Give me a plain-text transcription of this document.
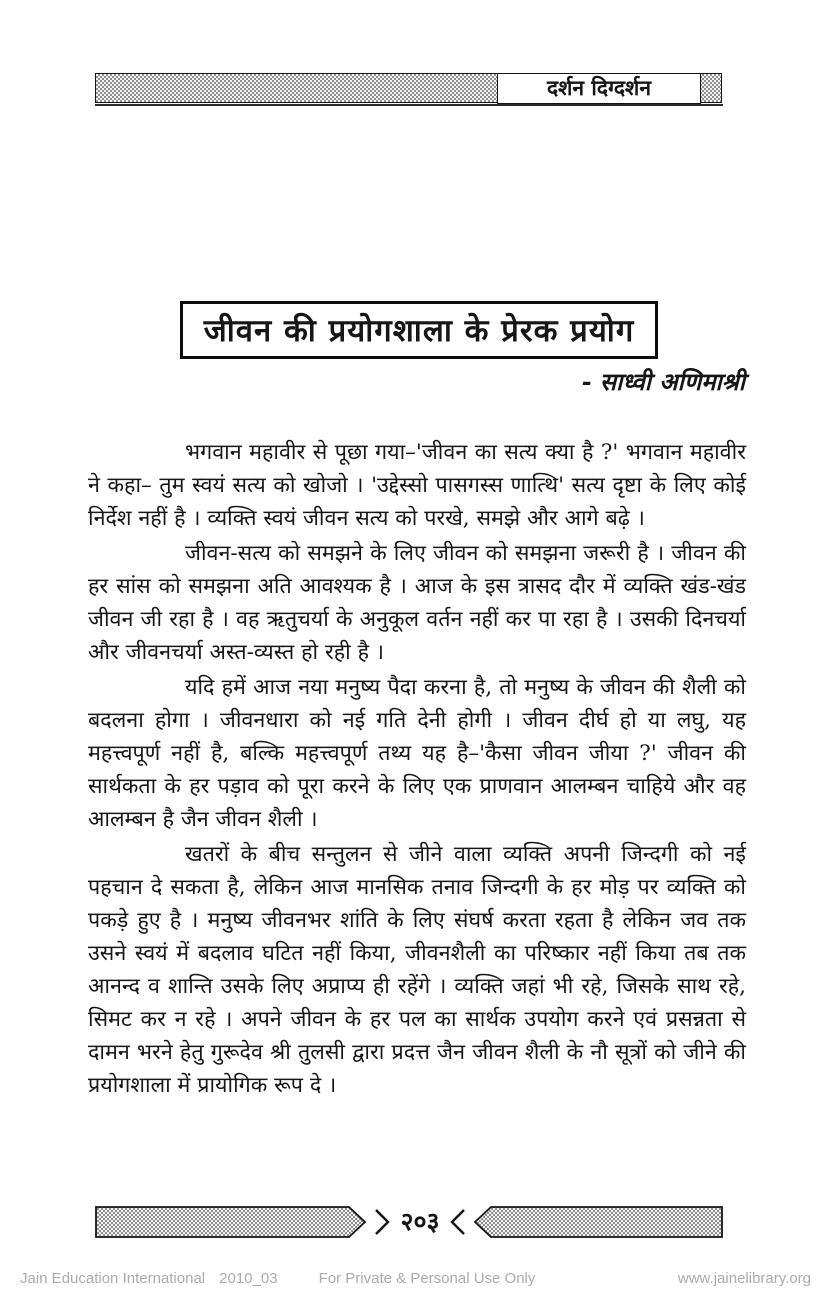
दर्शन दिग्दर्शन
जीवन की प्रयोगशाला के प्रेरक प्रयोग
- साध्वी अणिमाश्री

भगवान महावीर से पूछा गया–'जीवन का सत्य क्या है ?' भगवान महावीर ने कहा– तुम स्वयं सत्य को खोजो । 'उद्देस्सो पासगस्स णात्थि' सत्य दृष्टा के लिए कोई निर्देश नहीं है । व्यक्ति स्वयं जीवन सत्य को परखे, समझे और आगे बढ़े ।

जीवन-सत्य को समझने के लिए जीवन को समझना जरूरी है । जीवन की हर सांस को समझना अति आवश्यक है । आज के इस त्रासद दौर में व्यक्ति खंड-खंड जीवन जी रहा है । वह ऋतुचर्या के अनुकूल वर्तन नहीं कर पा रहा है । उसकी दिनचर्या और जीवनचर्या अस्त-व्यस्त हो रही है ।

यदि हमें आज नया मनुष्य पैदा करना है, तो मनुष्य के जीवन की शैली को बदलना होगा । जीवनधारा को नई गति देनी होगी । जीवन दीर्घ हो या लघु, यह महत्त्वपूर्ण नहीं है, बल्कि महत्त्वपूर्ण तथ्य यह है–'कैसा जीवन जीया ?' जीवन की सार्थकता के हर पड़ाव को पूरा करने के लिए एक प्राणवान आलम्बन चाहिये और वह आलम्बन है जैन जीवन शैली ।

खतरों के बीच सन्तुलन से जीने वाला व्यक्ति अपनी जिन्दगी को नई पहचान दे सकता है, लेकिन आज मानसिक तनाव जिन्दगी के हर मोड़ पर व्यक्ति को पकड़े हुए है । मनुष्य जीवनभर शांति के लिए संघर्ष करता रहता है लेकिन जव तक उसने स्वयं में बदलाव घटित नहीं किया, जीवनशैली का परिष्कार नहीं किया तब तक आनन्द व शान्ति उसके लिए अप्राप्य ही रहेंगे । व्यक्ति जहां भी रहे, जिसके साथ रहे, सिमट कर न रहे । अपने जीवन के हर पल का सार्थक उपयोग करने एवं प्रसन्नता से दामन भरने हेतु गुरूदेव श्री तुलसी द्वारा प्रदत्त जैन जीवन शैली के नौ सूत्रों को जीने की प्रयोगशाला में प्रायोगिक रूप दे ।

२०३
Jain Education International 2010_03	For Private & Personal Use Only	www.jainelibrary.org
